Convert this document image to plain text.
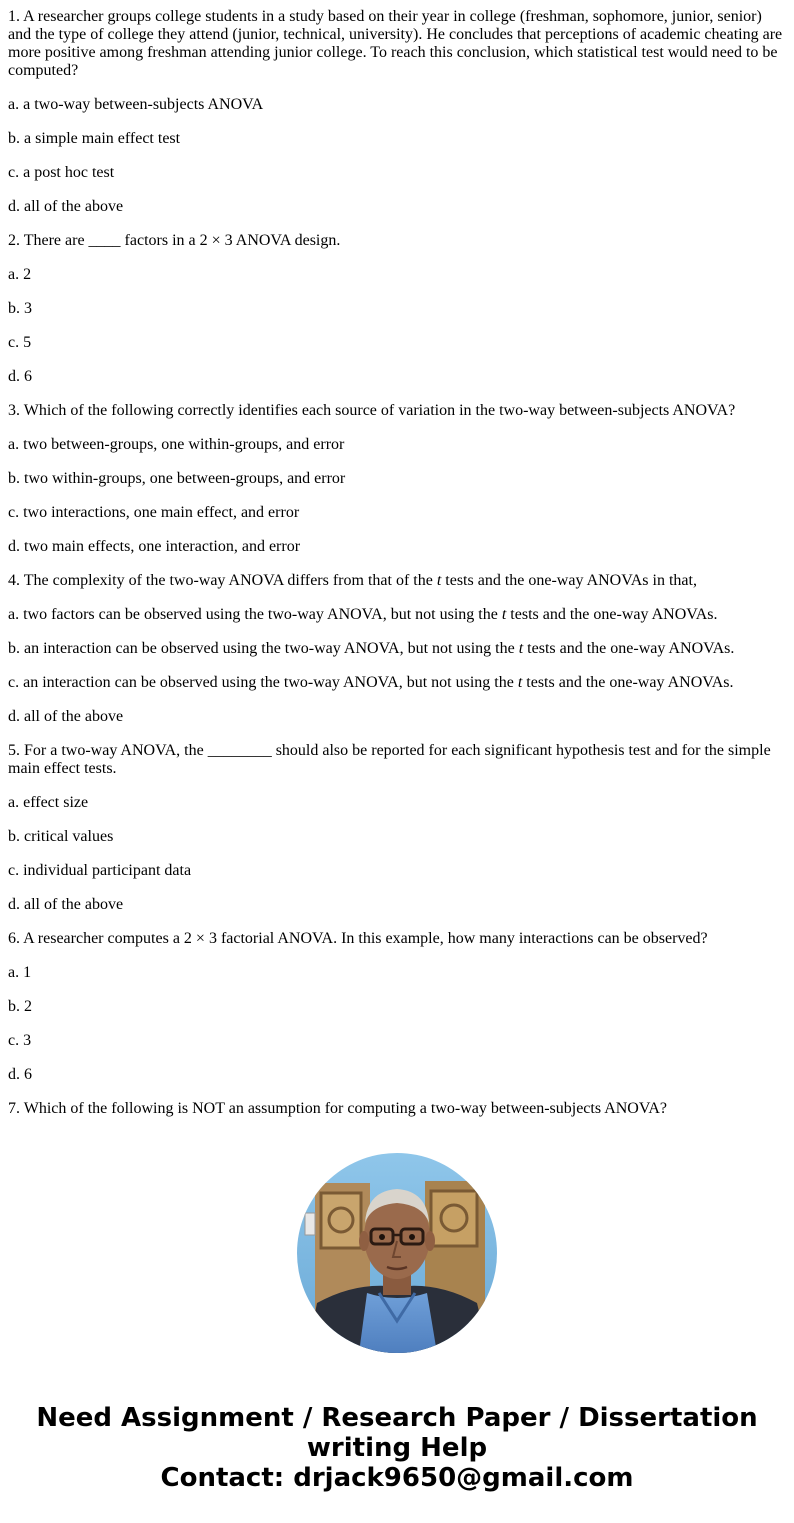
1. A researcher groups college students in a study based on their year in college (freshman, sophomore, junior, senior) and the type of college they attend (junior, technical, university). He concludes that perceptions of academic cheating are more positive among freshman attending junior college. To reach this conclusion, which statistical test would need to be computed?

a. a two-way between-subjects ANOVA

b. a simple main effect test

c. a post hoc test

d. all of the above

2. There are ____ factors in a 2 × 3 ANOVA design.

a. 2

b. 3

c. 5

d. 6

3. Which of the following correctly identifies each source of variation in the two-way between-subjects ANOVA?

a. two between-groups, one within-groups, and error

b. two within-groups, one between-groups, and error

c. two interactions, one main effect, and error

d. two main effects, one interaction, and error

4. The complexity of the two-way ANOVA differs from that of the t tests and the one-way ANOVAs in that,

a. two factors can be observed using the two-way ANOVA, but not using the t tests and the one-way ANOVAs.

b. an interaction can be observed using the two-way ANOVA, but not using the t tests and the one-way ANOVAs.

c. an interaction can be observed using the two-way ANOVA, but not using the t tests and the one-way ANOVAs.

d. all of the above

5. For a two-way ANOVA, the ________ should also be reported for each significant hypothesis test and for the simple main effect tests.

a. effect size

b. critical values

c. individual participant data

d. all of the above

6. A researcher computes a 2 × 3 factorial ANOVA. In this example, how many interactions can be observed?

a. 1

b. 2

c. 3

d. 6

7. Which of the following is NOT an assumption for computing a two-way between-subjects ANOVA?

Need Assignment / Research Paper / Dissertation
writing Help
Contact: drjack9650@gmail.com
